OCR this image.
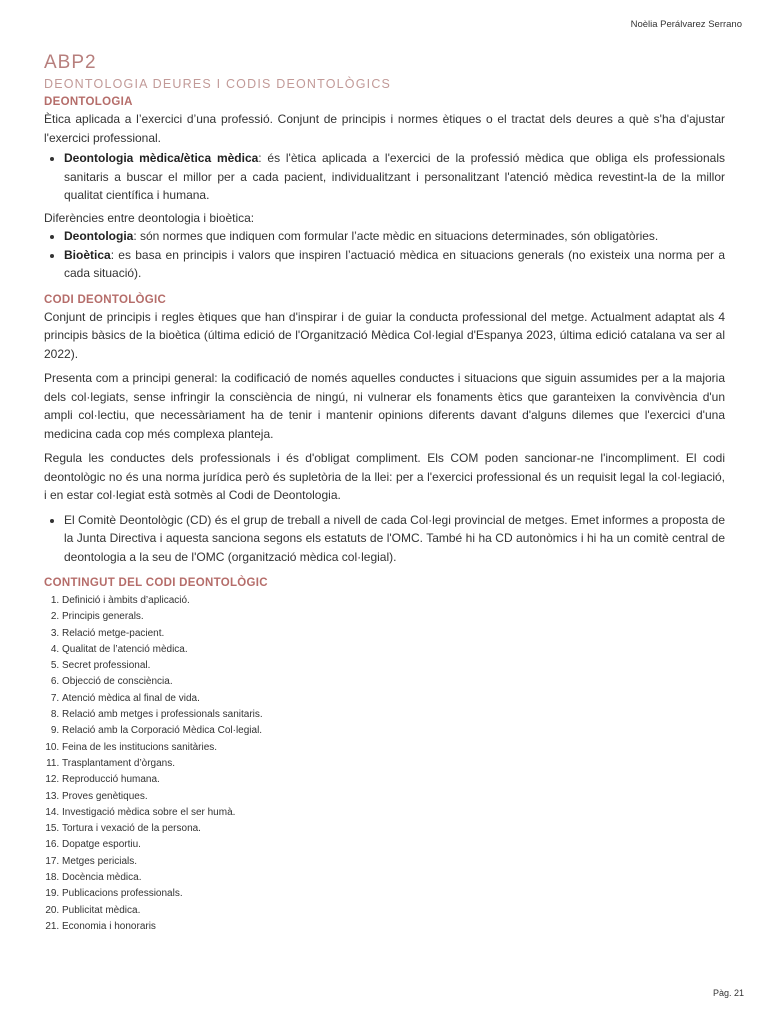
Noèlia Perálvarez Serrano
ABP2
DEONTOLOGIA DEURES I CODIS DEONTOLÒGICS
DEONTOLOGIA

Ètica aplicada a l’exercici d’una professió. Conjunt de principis i normes ètiques o el tractat dels deures a què s'ha d'ajustar l'exercici professional.

• Deontologia mèdica/ètica mèdica: és l'ètica aplicada a l'exercici de la professió mèdica que obliga els professionals sanitaris a buscar el millor per a cada pacient, individualitzant i personalitzant l'atenció mèdica revestint-la de la millor qualitat científica i humana.

Diferències entre deontologia i bioètica:

• Deontologia: són normes que indiquen com formular l’acte mèdic en situacions determinades, són obligatòries.
• Bioètica: es basa en principis i valors que inspiren l’actuació mèdica en situacions generals (no existeix una norma per a cada situació).
CODI DEONTOLÒGIC

Conjunt de principis i regles ètiques que han d'inspirar i de guiar la conducta professional del metge. Actualment adaptat als 4 principis bàsics de la bioètica (última edició de l'Organització Mèdica Col·legial d'Espanya 2023, última edició catalana va ser al 2022).

Presenta com a principi general: la codificació de només aquelles conductes i situacions que siguin assumides per a la majoria dels col·legiats, sense infringir la consciència de ningú, ni vulnerar els fonaments ètics que garanteixen la convivència d'un ampli col·lectiu, que necessàriament ha de tenir i mantenir opinions diferents davant d'alguns dilemes que l'exercici d'una medicina cada cop més complexa planteja.

Regula les conductes dels professionals i és d'obligat compliment. Els COM poden sancionar-ne l'incompliment. El codi deontològic no és una norma jurídica però és supletòria de la llei: per a l'exercici professional és un requisit legal la col·legiació, i en estar col·legiat està sotmès al Codi de Deontologia.

• El Comitè Deontològic (CD) és el grup de treball a nivell de cada Col·legi provincial de metges. Emet informes a proposta de la Junta Directiva i aquesta sanciona segons els estatuts de l'OMC. També hi ha CD autonòmics i hi ha un comitè central de deontologia a la seu de l'OMC (organització mèdica col·legial).
CONTINGUT DEL CODI DEONTOLÒGIC
1. Definició i àmbits d’aplicació.
2. Principis generals.
3. Relació metge-pacient.
4. Qualitat de l’atenció mèdica.
5. Secret professional.
6. Objecció de consciència.
7. Atenció mèdica al final de vida.
8. Relació amb metges i professionals sanitaris.
9. Relació amb la Corporació Mèdica Col·legial.
10. Feina de les institucions sanitàries.
11. Trasplantament d’òrgans.
12. Reproducció humana.
13. Proves genètiques.
14. Investigació mèdica sobre el ser humà.
15. Tortura i vexació de la persona.
16. Dopatge esportiu.
17. Metges pericials.
18. Docència mèdica.
19. Publicacions professionals.
20. Publicitat mèdica.
21. Economia i honoraris
Pàg. 21
